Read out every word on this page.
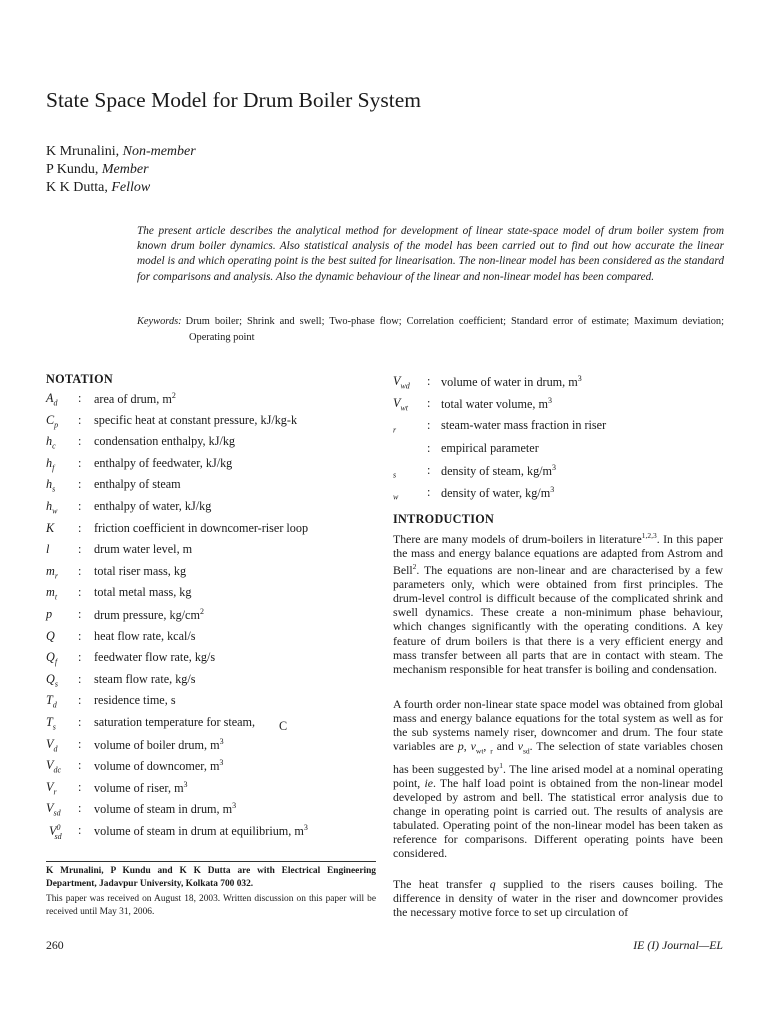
State Space Model for Drum Boiler System
K Mrunalini, Non-member
P Kundu, Member
K K Dutta, Fellow
The present article describes the analytical method for development of linear state-space model of drum boiler system from known drum boiler dynamics. Also statistical analysis of the model has been carried out to find out how accurate the linear model is and which operating point is the best suited for linearisation. The non-linear model has been considered as the standard for comparisons and analysis. Also the dynamic behaviour of the linear and non-linear model has been compared.
Keywords: Drum boiler; Shrink and swell; Two-phase flow; Correlation coefficient; Standard error of estimate; Maximum deviation;
Operating point
NOTATION
$A_d$ : area of drum, $m^2$
$C_p$ : specific heat at constant pressure, kJ/kg-k
$h_c$ : condensation enthalpy, kJ/kg
$h_f$ : enthalpy of feedwater, kJ/kg
$h_s$ : enthalpy of steam
$h_w$ : enthalpy of water, kJ/kg
K : friction coefficient in downcomer-riser loop
l : drum water level, m
$m_r$ : total riser mass, kg
$m_t$ : total metal mass, kg
p : drum pressure, $kg/cm^2$
Q : heat flow rate, kcal/s
$Q_f$ : feedwater flow rate, kg/s
$Q_s$ : steam flow rate, kg/s
$T_d$ : residence time, s
$T_s$ : saturation temperature for steam, C
$V_d$ : volume of boiler drum, $m^3$
$V_{dc}$ : volume of downcomer, $m^3$
$V_r$ : volume of riser, $m^3$
$V_{sd}$ : volume of steam in drum, $m^3$
$V^0_{sd}$ : volume of steam in drum at equilibrium, $m^3$
$V_{wd}$ : volume of water in drum, $m^3$
$V_{wt}$ : total water volume, $m^3$
$_r$	: steam-water mass fraction in riser
: empirical parameter
$_s$	: density of steam, $kg/m^3$
$_w$ : density of water, $kg/m^3$
K Mrunalini, P Kundu and K K Dutta are with Electrical Engineering Department, Jadavpur University, Kolkata 700 032.
This paper was received on August 18, 2003. Written discussion on this paper will be received until May 31, 2006.
INTRODUCTION
There are many models of drum-boilers in literature$^{1,2,3}$. In this paper the mass and energy balance equations are adapted from Astrom and Bell$^2$. The equations are non-linear and are characterised by a few parameters only, which were obtained from first principles. The drum-level control is difficult because of the complicated shrink and swell dynamics. These create a non-minimum phase behaviour, which changes significantly with the operating conditions. A key feature of drum boilers is that there is a very efficient energy and mass transfer between all parts that are in contact with steam. The mechanism responsible for heat transfer is boiling and condensation.
A fourth order non-linear state space model was obtained from global mass and energy balance equations for the total system as well as for the sub systems namely riser, downcomer and drum. The four state variables are p, $v_{wt}$, $_r$ and $v_{sd}$. The selection of state variables chosen has been suggested $by^1$. The line arised model at a nominal operating point, ie. The half load point is obtained from the non-linear model developed by astrom and bell. The statistical error analysis due to change in operating point is carried out. The results of analysis are tabulated. Operating point of the non-linear model has been taken as reference for comparisons. Different operating points have been considered.
The heat transfer q supplied to the risers causes boiling. The difference in density of water in the riser and downcomer provides the necessary motive force to set up circulation of
260	IE (I) Journal—EL
